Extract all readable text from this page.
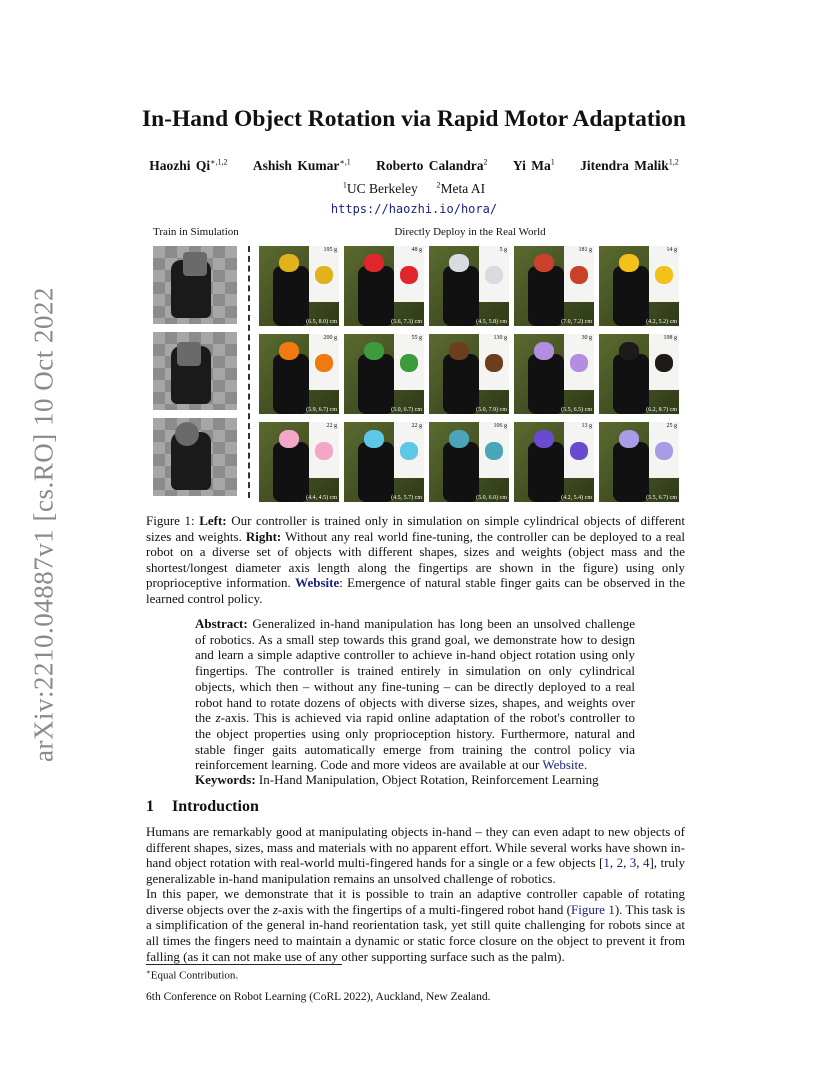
arXiv:2210.04887v1 [cs.RO] 10 Oct 2022
In-Hand Object Rotation via Rapid Motor Adaptation
Haozhi $Qi^{∗,1,2}$ Ashish Kumar$^{∗,1}$ Roberto Calandra$^2$ Yi Ma$^1$ Jitendra Malik$^{1,2}$
$^1$UC Berkeley $^2$Meta AI
https://haozhi.io/hora/
Train in Simulation	Directly Deploy in the Real World
195 g
(6.5, 8.0) cm
48 g
(5.6, 7.3) cm
5 g
(4.5, 5.8) cm
181 g
(7.0, 7.2) cm
14 g
(4.2, 5.2) cm
200 g
(5.9, 6.7) cm
55 g
(5.0, 6.7) cm
130 g
(5.0, 7.9) cm
30 g
(5.5, 6.5) cm
198 g
(6.2, 8.7) cm
22 g
(4.4, 4.5) cm
22 g
(4.5, 5.7) cm
106 g
(5.0, 6.0) cm
13 g
(4.2, 5.4) cm
25 g
(5.5, 6.7) cm
Figure 1: Left: Our controller is trained only in simulation on simple cylindrical objects of different sizes and weights. Right: Without any real world fine-tuning, the controller can be deployed to a real robot on a diverse set of objects with different shapes, sizes and weights (object mass and the shortest/longest diameter axis length along the fingertips are shown in the figure) using only proprioceptive information. Website: Emergence of natural stable finger gaits can be observed in the learned control policy.
Abstract: Generalized in-hand manipulation has long been an unsolved challenge of robotics. As a small step towards this grand goal, we demonstrate how to design and learn a simple adaptive controller to achieve in-hand object rotation using only fingertips. The controller is trained entirely in simulation on only cylindrical objects, which then – without any fine-tuning – can be directly deployed to a real robot hand to rotate dozens of objects with diverse sizes, shapes, and weights over the z-axis. This is achieved via rapid online adaptation of the robot's controller to the object properties using only proprioception history. Furthermore, natural and stable finger gaits automatically emerge from training the control policy via reinforcement learning. Code and more videos are available at our Website.
Keywords: In-Hand Manipulation, Object Rotation, Reinforcement Learning
1 Introduction
Humans are remarkably good at manipulating objects in-hand – they can even adapt to new objects of different shapes, sizes, mass and materials with no apparent effort. While several works have shown in-hand object rotation with real-world multi-fingered hands for a single or a few objects [1, 2, 3, 4], truly generalizable in-hand manipulation remains an unsolved challenge of robotics.
In this paper, we demonstrate that it is possible to train an adaptive controller capable of rotating diverse objects over the z-axis with the fingertips of a multi-fingered robot hand (Figure 1). This task is a simplification of the general in-hand reorientation task, yet still quite challenging for robots since at all times the fingers need to maintain a dynamic or static force closure on the object to prevent it from falling (as it can not make use of any other supporting surface such as the palm).
∗Equal Contribution.
6th Conference on Robot Learning (CoRL 2022), Auckland, New Zealand.
